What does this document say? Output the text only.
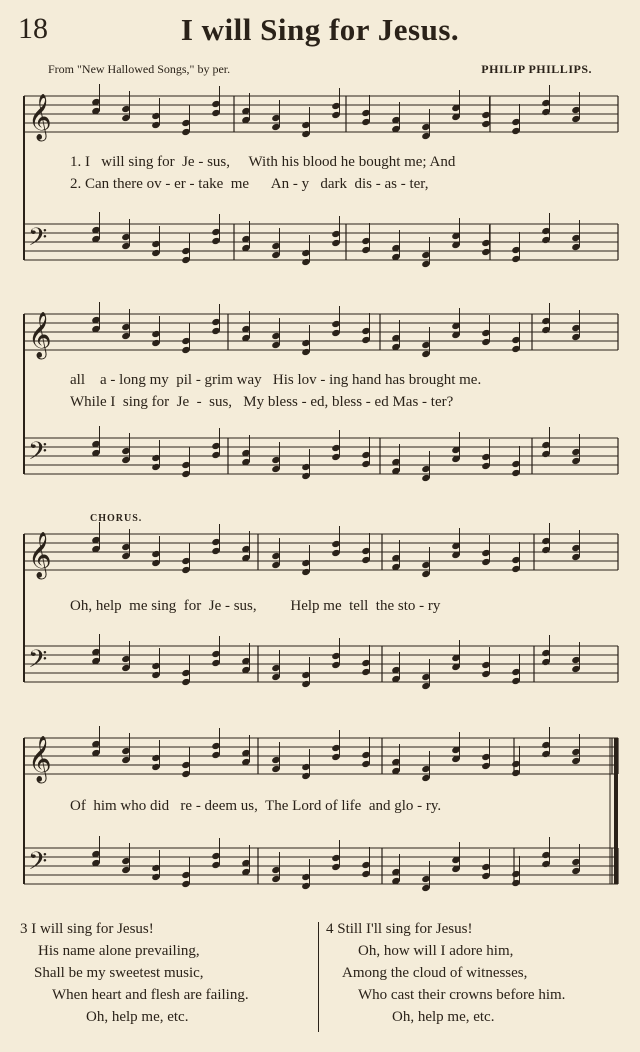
18	I will Sing for Jesus.
From "New Hallowed Songs," by per.	PHILIP PHILLIPS.
𝄞
𝄢
𝄞
𝄢
𝄞
𝄢
𝄞
𝄢
1. I   will sing for  Je - sus,     With his blood he bought me; And
2. Can there ov - er - take  me      An - y   dark  dis - as - ter,
all    a - long my  pil - grim way   His lov - ing hand has brought me.
While I  sing for  Je  -  sus,   My bless - ed, bless - ed Mas - ter?
CHORUS.
Oh, help  me sing  for  Je - sus,         Help me  tell  the sto - ry
Of  him who did   re - deem us,  The Lord of life  and glo - ry.
3 I will sing for Jesus!
His name alone prevailing,
Shall be my sweetest music,
When heart and flesh are failing.
Oh, help me, etc.
4 Still I'll sing for Jesus!
Oh, how will I adore him,
Among the cloud of witnesses,
Who cast their crowns before him.
Oh, help me, etc.
